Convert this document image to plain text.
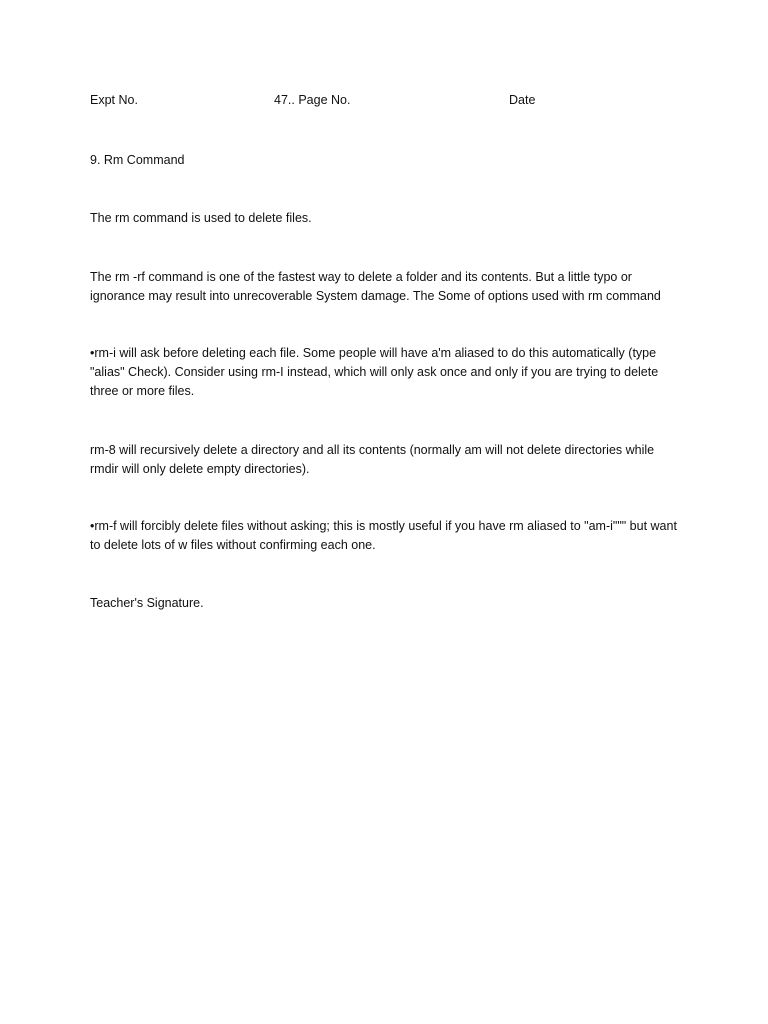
Expt No.	47.. Page No.	Date

9. Rm Command

The rm command is used to delete files.

The rm -rf command is one of the fastest way to delete a folder and its contents. But a little typo or ignorance may result into unrecoverable System damage. The Some of options used with rm command

•rm-i will ask before deleting each file. Some people will have a'm aliased to do this automatically (type "alias" Check). Consider using rm-I instead, which will only ask once and only if you are trying to delete three or more files.

rm-8 will recursively delete a directory and all its contents (normally am will not delete directories while rmdir will only delete empty directories).

•rm-f will forcibly delete files without asking; this is mostly useful if you have rm aliased to "am-i""" but want to delete lots of w files without confirming each one.

Teacher's Signature.
